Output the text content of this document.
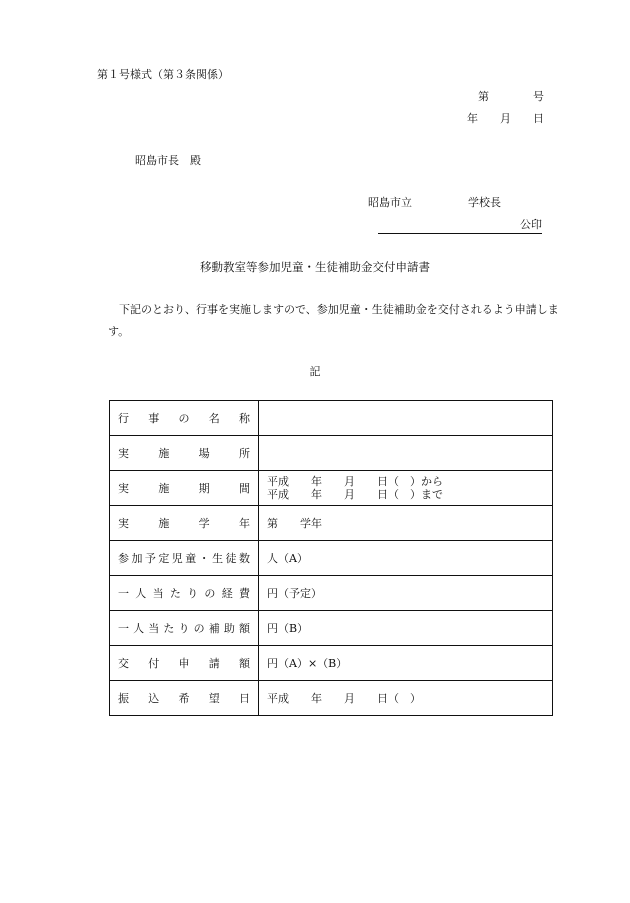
第１号様式（第３条関係）
第　　　　号
年　　月　　日
昭島市長　殿
昭島市立	学校長
公印
移動教室等参加児童・生徒補助金交付申請書
下記のとおり、行事を実施しますので、参加児童・生徒補助金を交付されるよう申請します。
記
行事の名称	
実施場所	
実施期間	平成　　年　　月　　日（　）から
平成　　年　　月　　日（　）まで

実施学年	第　　学年
参加予定児童・生徒数	人（A）
一人当たりの経費	円（予定）
一人当たりの補助額	円（B）
交付申請額	円（A）×（B）
振込希望日	平成　　年　　月　　日（　）
